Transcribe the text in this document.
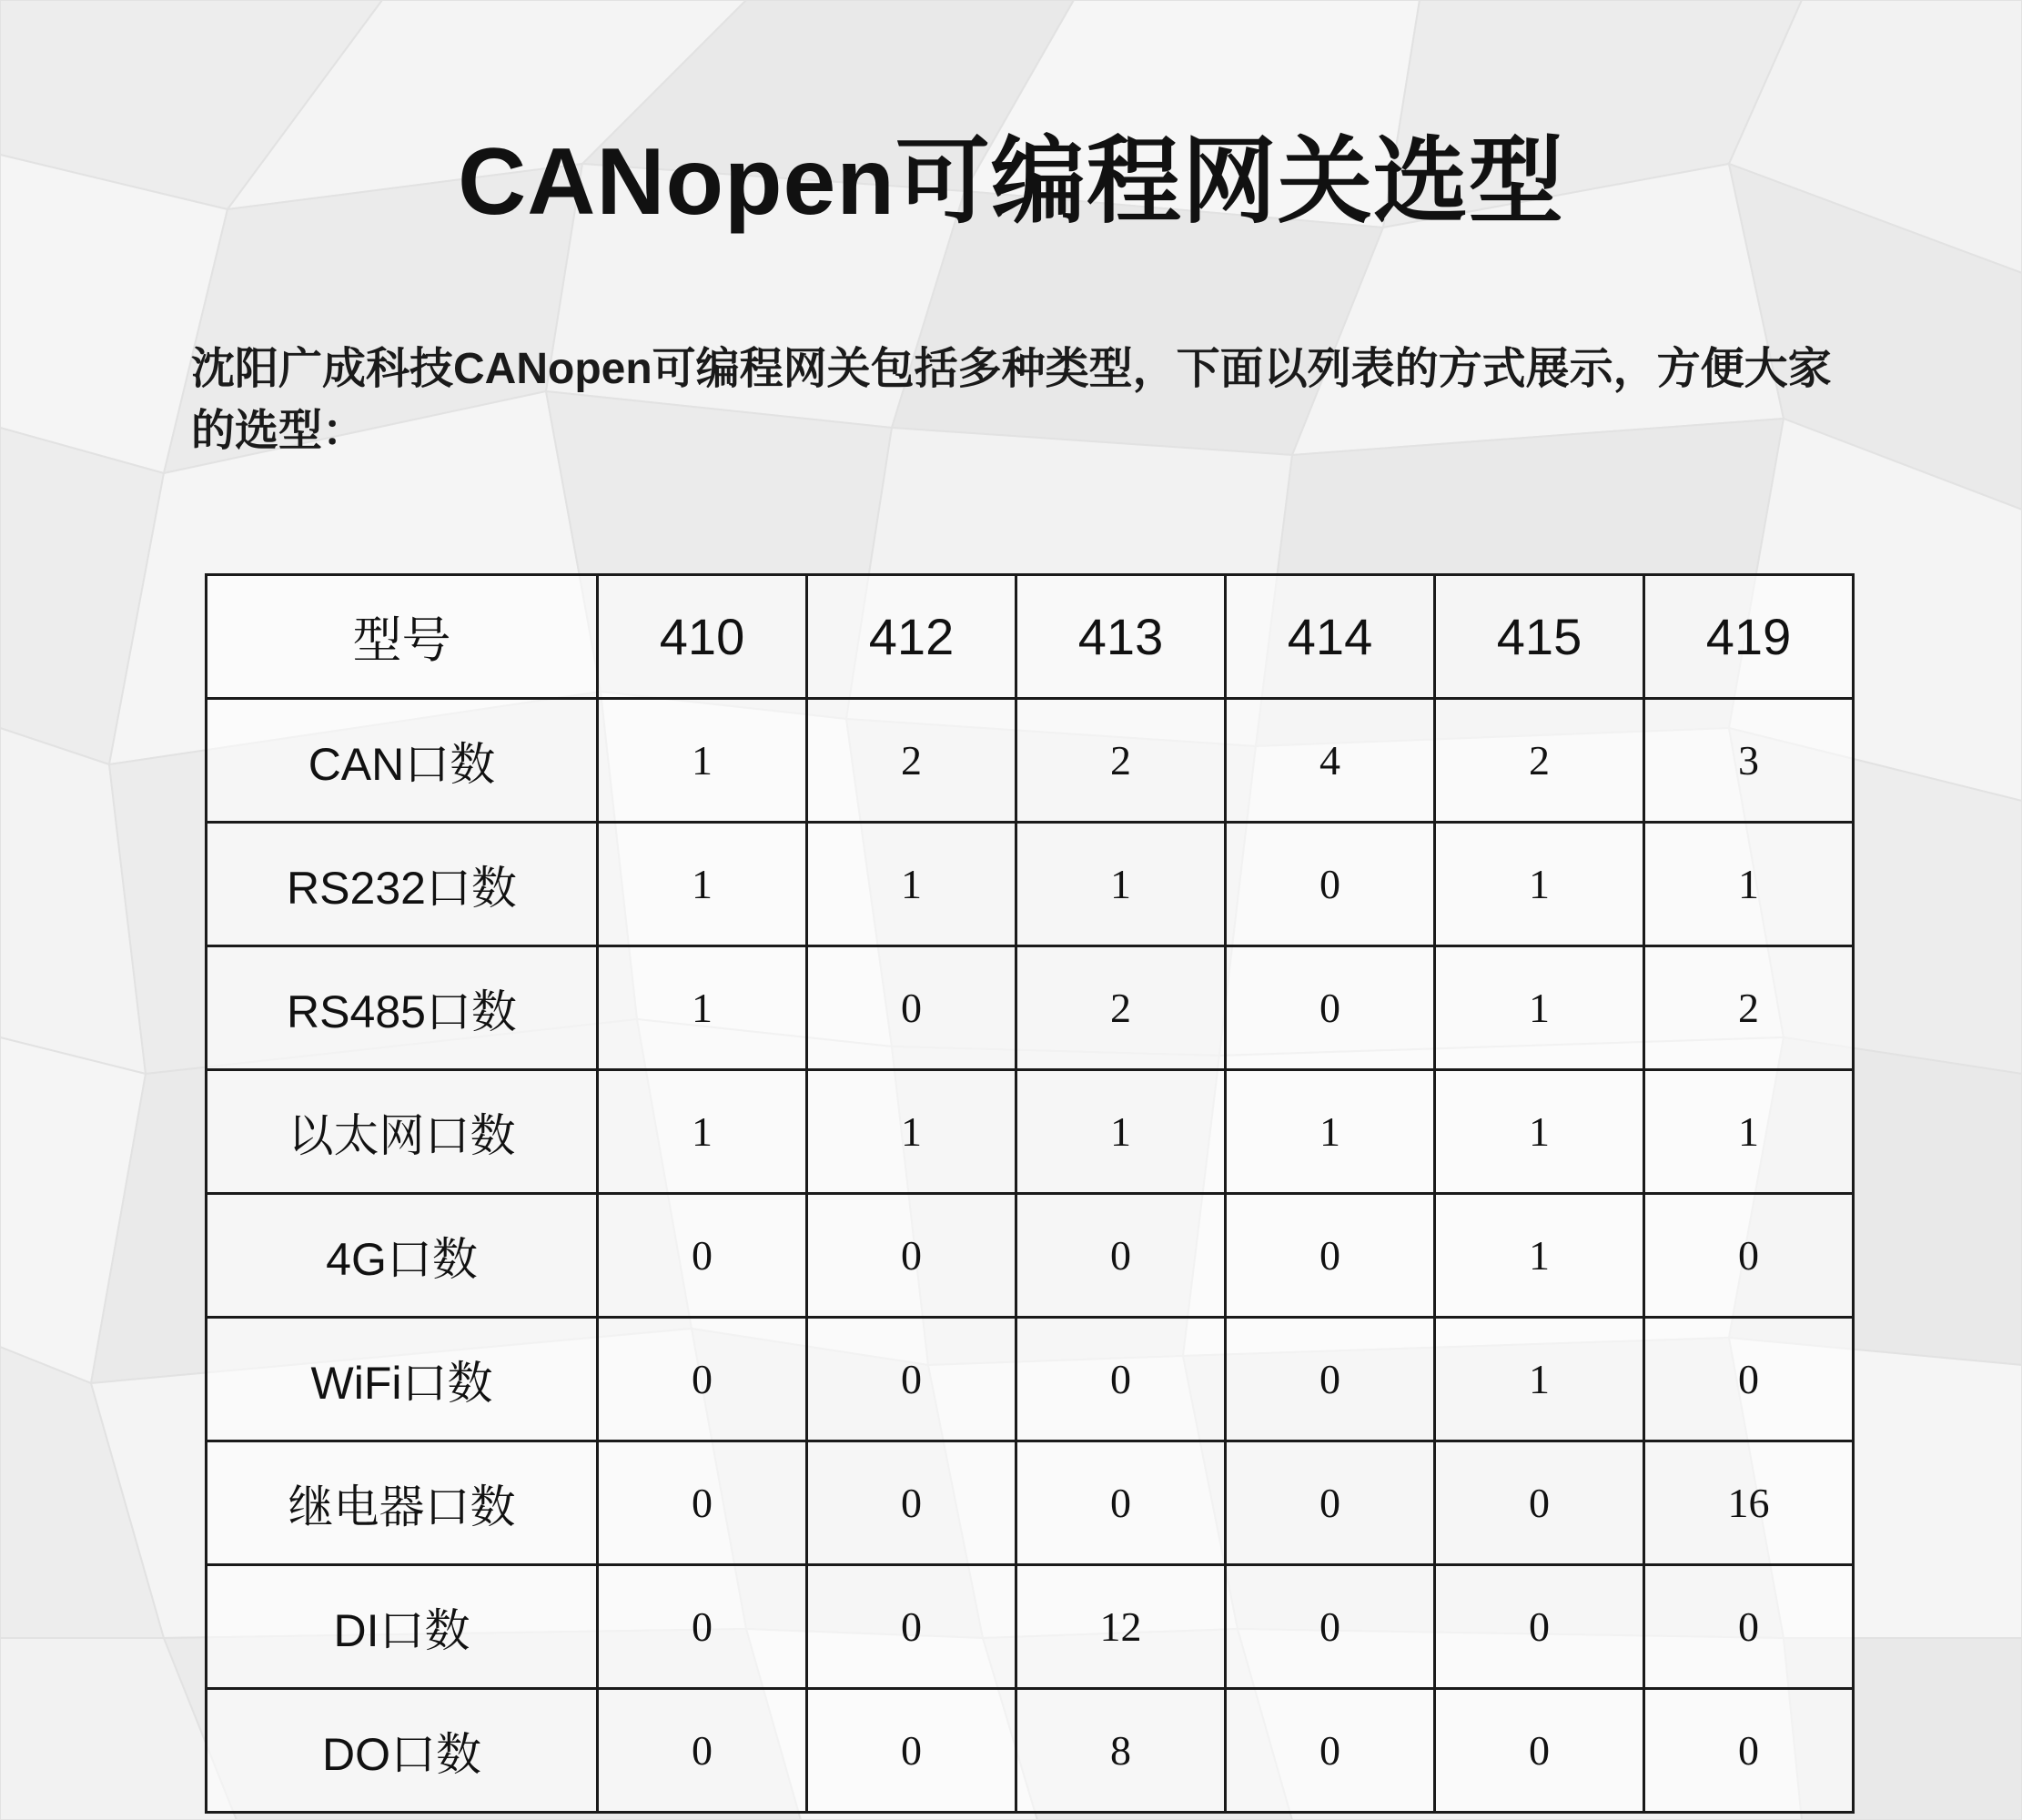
CANopen可编程网关选型
沈阳广成科技CANopen可编程网关包括多种类型，下面以列表的方式展示，方便大家的选型：
型号	410	412	413	414	415	419
CAN口数	1	2	2	4	2	3
RS232口数	1	1	1	0	1	1
RS485口数	1	0	2	0	1	2
以太网口数	1	1	1	1	1	1
4G口数	0	0	0	0	1	0
WiFi口数	0	0	0	0	1	0
继电器口数	0	0	0	0	0	16
DI口数	0	0	12	0	0	0
DO口数	0	0	8	0	0	0
